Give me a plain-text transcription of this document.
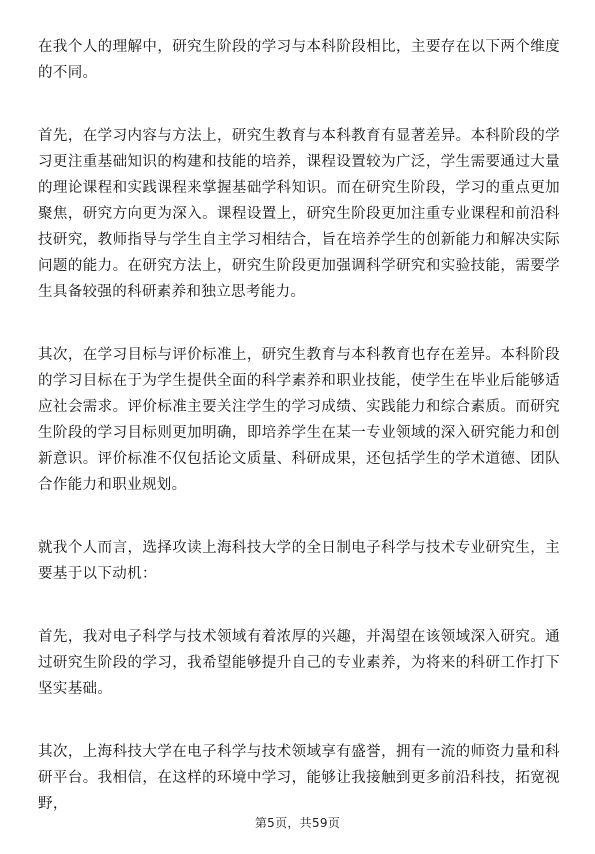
在我个人的理解中，研究生阶段的学习与本科阶段相比，主要存在以下两个维度的不同。

首先，在学习内容与方法上，研究生教育与本科教育有显著差异。本科阶段的学习更注重基础知识的构建和技能的培养，课程设置较为广泛，学生需要通过大量的理论课程和实践课程来掌握基础学科知识。而在研究生阶段，学习的重点更加聚焦，研究方向更为深入。课程设置上，研究生阶段更加注重专业课程和前沿科技研究，教师指导与学生自主学习相结合，旨在培养学生的创新能力和解决实际问题的能力。在研究方法上，研究生阶段更加强调科学研究和实验技能，需要学生具备较强的科研素养和独立思考能力。

其次，在学习目标与评价标准上，研究生教育与本科教育也存在差异。本科阶段的学习目标在于为学生提供全面的科学素养和职业技能，使学生在毕业后能够适应社会需求。评价标准主要关注学生的学习成绩、实践能力和综合素质。而研究生阶段的学习目标则更加明确，即培养学生在某一专业领域的深入研究能力和创新意识。评价标准不仅包括论文质量、科研成果，还包括学生的学术道德、团队合作能力和职业规划。

就我个人而言，选择攻读上海科技大学的全日制电子科学与技术专业研究生，主要基于以下动机：

首先，我对电子科学与技术领域有着浓厚的兴趣，并渴望在该领域深入研究。通过研究生阶段的学习，我希望能够提升自己的专业素养，为将来的科研工作打下坚实基础。

其次，上海科技大学在电子科学与技术领域享有盛誉，拥有一流的师资力量和科研平台。我相信，在这样的环境中学习，能够让我接触到更多前沿科技，拓宽视野，

第5页，共59页
